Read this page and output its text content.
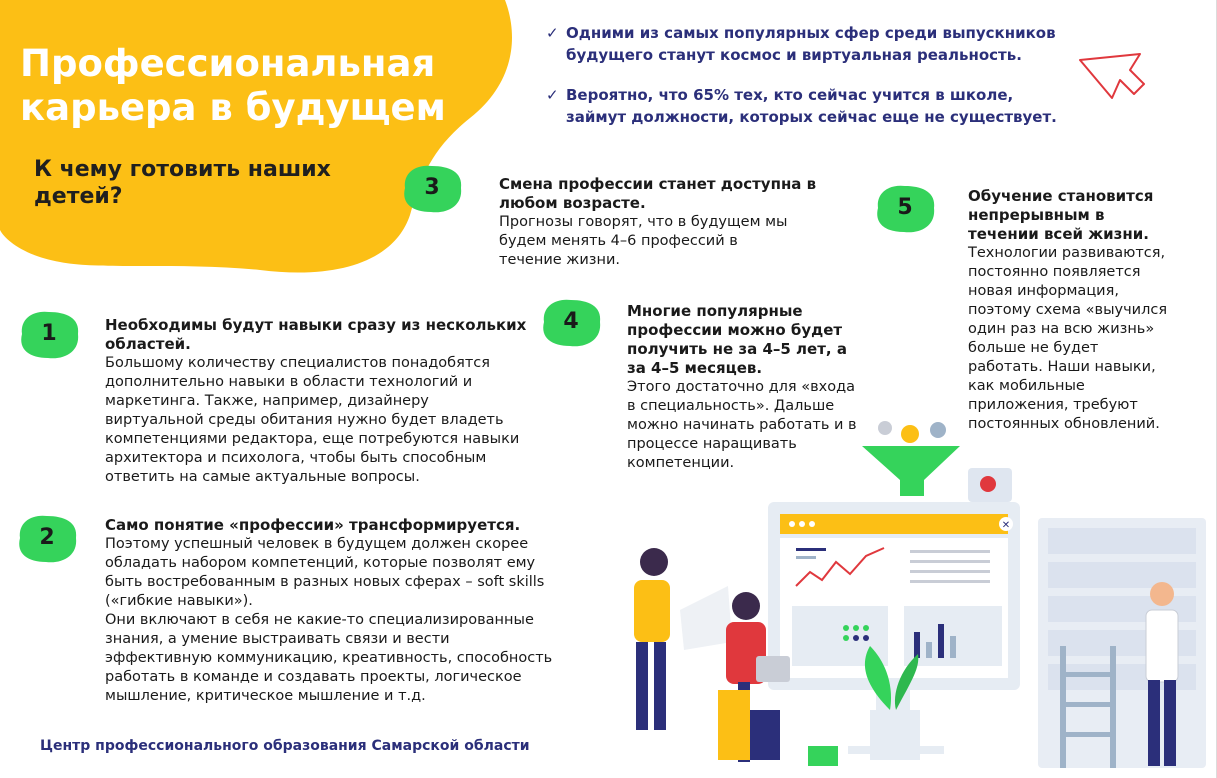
Профессиональная карьера в будущем
К чему готовить наших детей?
✓ Одними из самых популярных сфер среди выпускников будущего станут космос и виртуальная реальность.
✓ Вероятно, что 65% тех, кто сейчас учится в школе, займут должности, которых сейчас еще не существует.
3	Смена профессии станет доступна в любом возрасте.

Прогнозы говорят, что в будущем мы будем менять 4–6 профессий в течение жизни.

5	Обучение становится непрерывным в течении всей жизни.

Технологии развиваются, постоянно появляется новая информация, поэтому схема «выучился один раз на всю жизнь» больше не будет работать. Наши навыки, как мобильные приложения, требуют постоянных обновлений.

1	Необходимы будут навыки сразу из нескольких областей.

Большому количеству специалистов понадобятся дополнительно навыки в области технологий и маркетинга. Также, например, дизайнеру виртуальной среды обитания нужно будет владеть компетенциями редактора, еще потребуются навыки архитектора и психолога, чтобы быть способным ответить на самые актуальные вопросы.

4	Многие популярные профессии можно будет получить не за 4–5 лет, а за 4–5 месяцев.

Этого достаточно для «входа в специальность». Дальше можно начинать работать и в процессе наращивать компетенции.

2	Само понятие «профессии» трансформируется.

Поэтому успешный человек в будущем должен скорее обладать набором компетенций, которые позволят ему быть востребованным в разных новых сферах – soft skills («гибкие навыки»).

Они включают в себя не какие-то специализированные знания, а умение выстраивать связи и вести эффективную коммуникацию, креативность, способность работать в команде и создавать проекты, логическое мышление, критическое мышление и т.д.

✕
Центр профессионального образования Самарской области
